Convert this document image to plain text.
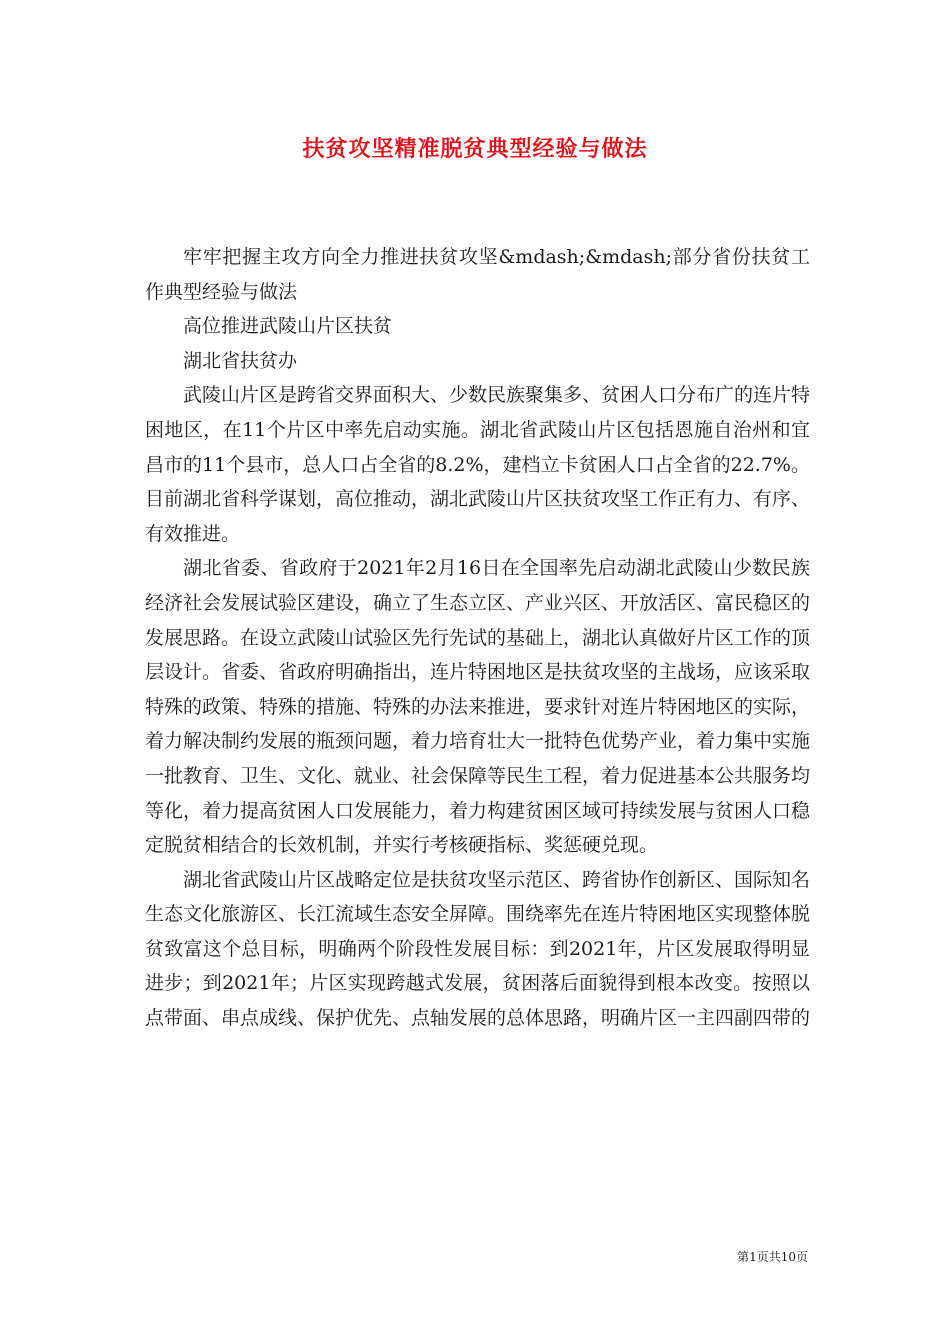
扶贫攻坚精准脱贫典型经验与做法

牢牢把握主攻方向全力推进扶贫攻坚&mdash;&mdash;部分省份扶贫工作典型经验与做法

高位推进武陵山片区扶贫

湖北省扶贫办

武陵山片区是跨省交界面积大、少数民族聚集多、贫困人口分布广的连片特困地区，在11个片区中率先启动实施。湖北省武陵山片区包括恩施自治州和宜昌市的11个县市，总人口占全省的8.2%，建档立卡贫困人口占全省的22.7%。目前湖北省科学谋划，高位推动，湖北武陵山片区扶贫攻坚工作正有力、有序、有效推进。

湖北省委、省政府于2021年2月16日在全国率先启动湖北武陵山少数民族经济社会发展试验区建设，确立了生态立区、产业兴区、开放活区、富民稳区的发展思路。在设立武陵山试验区先行先试的基础上，湖北认真做好片区工作的顶层设计。省委、省政府明确指出，连片特困地区是扶贫攻坚的主战场，应该采取特殊的政策、特殊的措施、特殊的办法来推进，要求针对连片特困地区的实际，着力解决制约发展的瓶颈问题，着力培育壮大一批特色优势产业，着力集中实施一批教育、卫生、文化、就业、社会保障等民生工程，着力促进基本公共服务均等化，着力提高贫困人口发展能力，着力构建贫困区域可持续发展与贫困人口稳定脱贫相结合的长效机制，并实行考核硬指标、奖惩硬兑现。

湖北省武陵山片区战略定位是扶贫攻坚示范区、跨省协作创新区、国际知名生态文化旅游区、长江流域生态安全屏障。围绕率先在连片特困地区实现整体脱贫致富这个总目标，明确两个阶段性发展目标：到2021年，片区发展取得明显进步；到2021年；片区实现跨越式发展，贫困落后面貌得到根本改变。按照以点带面、串点成线、保护优先、点轴发展的总体思路，明确片区一主四副四带的

第1页共10页
